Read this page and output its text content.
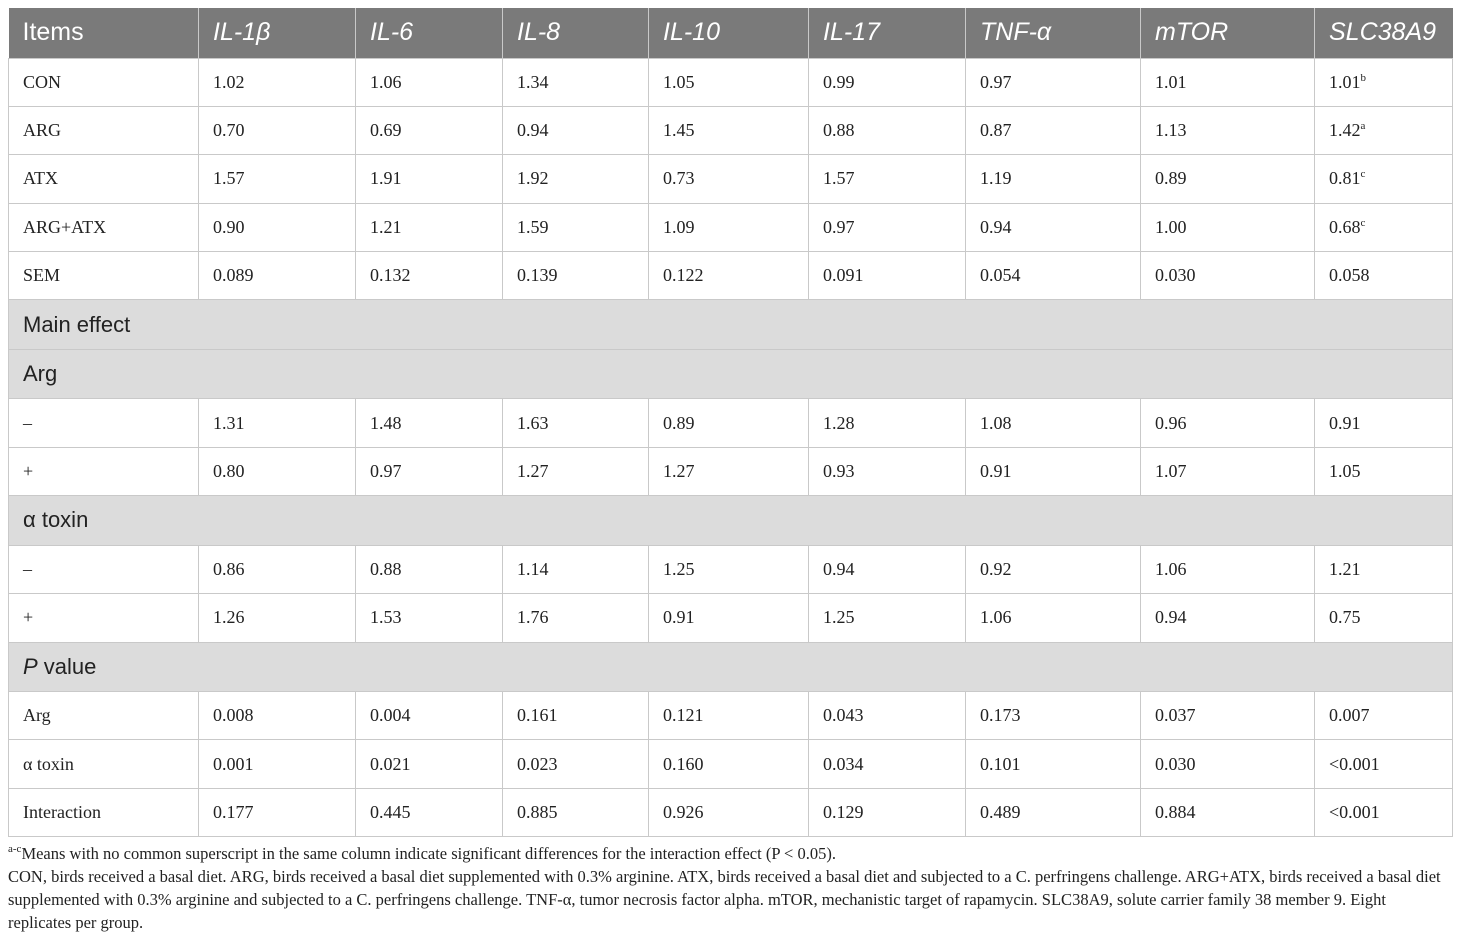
Items	IL-1β	IL-6	IL-8	IL-10	IL-17	TNF-α	mTOR	SLC38A9
CON	1.02	1.06	1.34	1.05	0.99	0.97	1.01	1.01$^b$
ARG	0.70	0.69	0.94	1.45	0.88	0.87	1.13	1.42$^a$
ATX	1.57	1.91	1.92	0.73	1.57	1.19	0.89	0.81$^c$
ARG+ATX	0.90	1.21	1.59	1.09	0.97	0.94	1.00	0.68$^c$
SEM	0.089	0.132	0.139	0.122	0.091	0.054	0.030	0.058
Main effect								
Arg								
–	1.31	1.48	1.63	0.89	1.28	1.08	0.96	0.91
+	0.80	0.97	1.27	1.27	0.93	0.91	1.07	1.05
α toxin								
–	0.86	0.88	1.14	1.25	0.94	0.92	1.06	1.21
+	1.26	1.53	1.76	0.91	1.25	1.06	0.94	0.75
P value								
Arg	0.008	0.004	0.161	0.121	0.043	0.173	0.037	0.007
α toxin	0.001	0.021	0.023	0.160	0.034	0.101	0.030	<0.001
Interaction	0.177	0.445	0.885	0.926	0.129	0.489	0.884	<0.001

$^{a-c}$Means with no common superscript in the same column indicate significant differences for the interaction effect (P < 0.05).

CON, birds received a basal diet. ARG, birds received a basal diet supplemented with 0.3% arginine. ATX, birds received a basal diet and subjected to a C. perfringens challenge. ARG+ATX, birds received a basal diet supplemented with 0.3% arginine and subjected to a C. perfringens challenge. TNF-α, tumor necrosis factor alpha. mTOR, mechanistic target of rapamycin. SLC38A9, solute carrier family 38 member 9. Eight replicates per group.
